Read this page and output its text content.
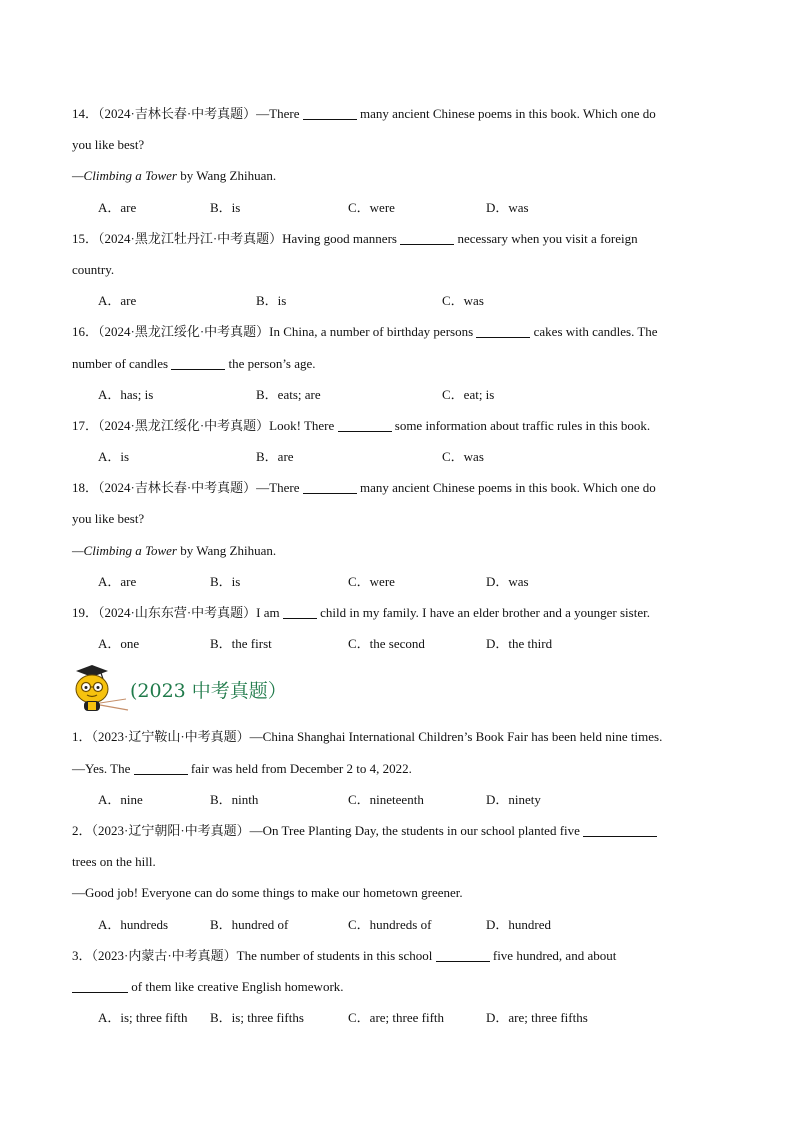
14．（2024·吉林长春·中考真题）—There	many ancient Chinese poems in this book. Which one do
you like best?
—Climbing a Tower by Wang Zhihuan.
A．are	B．is	C．were	D．was
15．（2024·黑龙江牡丹江·中考真题）Having good manners	necessary when you visit a foreign
country.
A．are	B．is	C．was
16．（2024·黑龙江绥化·中考真题）In China, a number of birthday persons	cakes with candles. The
number of candles	the person’s age.
A．has; is	B．eats; are	C．eat; is
17．（2024·黑龙江绥化·中考真题）Look! There	some information about traffic rules in this book.
A．is	B．are	C．was
18．（2024·吉林长春·中考真题）—There	many ancient Chinese poems in this book. Which one do
you like best?
—Climbing a Tower by Wang Zhihuan.
A．are	B．is	C．were	D．was
19．（2024·山东东营·中考真题）I am	child in my family. I have an elder brother and a younger sister.
A．one	B．the first	C．the second	D．the third
(2023 中考真题）
1．（2023·辽宁鞍山·中考真题）—China Shanghai International Children’s Book Fair has been held nine times.
—Yes. The	fair was held from December 2 to 4, 2022.
A．nine	B．ninth	C．nineteenth	D．ninety
2．（2023·辽宁朝阳·中考真题）—On Tree Planting Day, the students in our school planted five
trees on the hill.
—Good job! Everyone can do some things to make our hometown greener.
A．hundreds	B．hundred of	C．hundreds of	D．hundred
3．（2023·内蒙古·中考真题）The number of students in this school	five hundred, and about
of them like creative English homework.
A．is; three fifth B．is; three fifths	C．are; three fifth	D．are; three fifths
